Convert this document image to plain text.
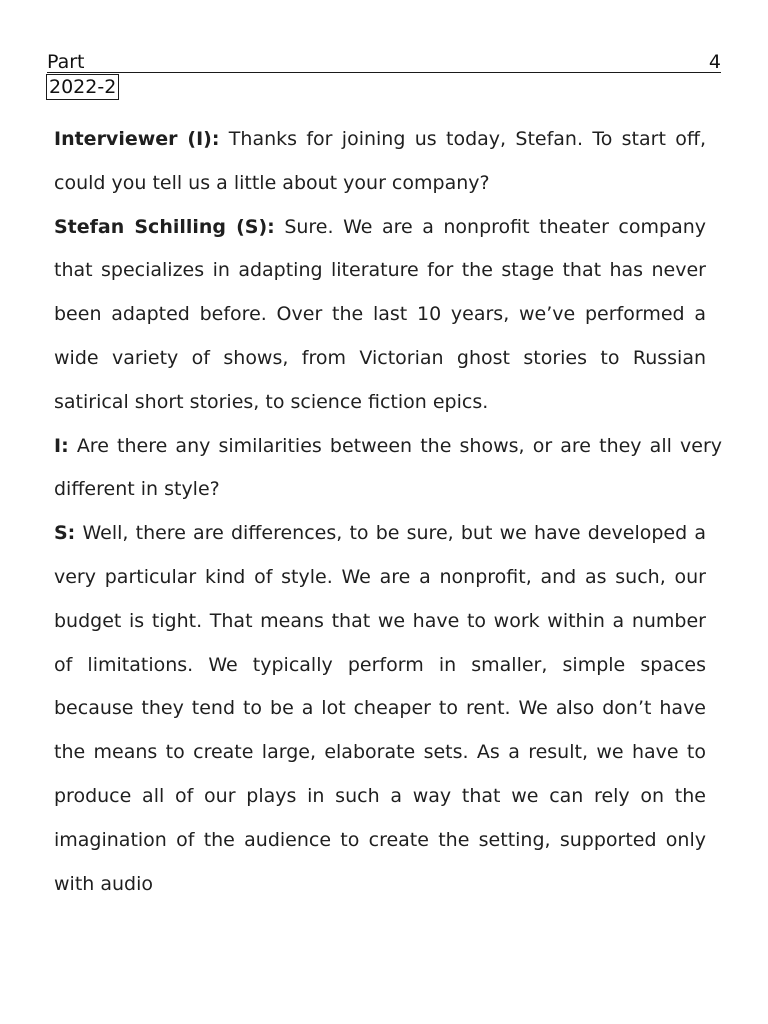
Part	4
2022-2

Interviewer (I): Thanks for joining us today, Stefan. To start off, could you tell us a little about your company?

Stefan Schilling (S): Sure. We are a nonprofit theater company that specializes in adapting literature for the stage that has never been adapted before. Over the last 10 years, we’ve performed a wide variety of shows, from Victorian ghost stories to Russian satirical short stories, to science fiction epics.

I: Are there any similarities between the shows, or are they all very different in style?

S: Well, there are differences, to be sure, but we have developed a very particular kind of style. We are a nonprofit, and as such, our budget is tight. That means that we have to work within a number of limitations. We typically perform in smaller, simple spaces because they tend to be a lot cheaper to rent. We also don’t have the means to create large, elaborate sets. As a result, we have to produce all of our plays in such a way that we can rely on the imagination of the audience to create the setting, supported only with audio
